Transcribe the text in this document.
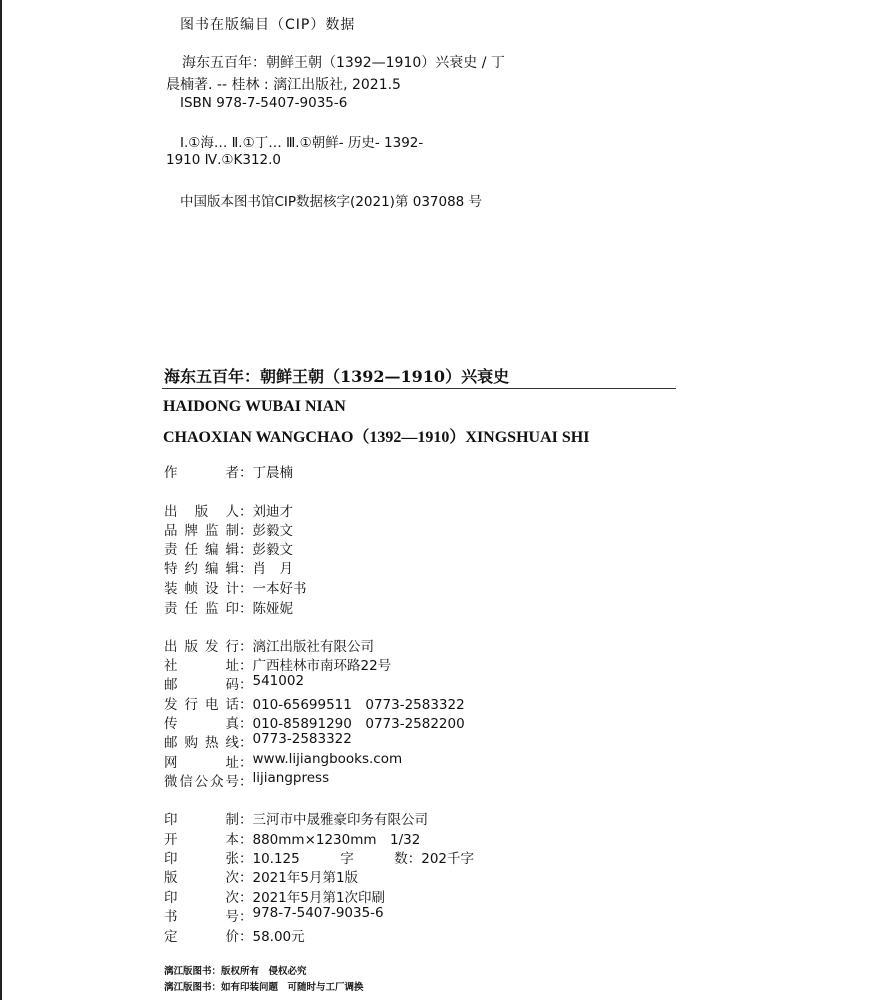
图书在版编目（CIP）数据
海东五百年：朝鲜王朝（1392—1910）兴衰史 / 丁
晨楠著. -- 桂林 : 漓江出版社, 2021.5
ISBN 978-7-5407-9035-6
Ⅰ.①海… Ⅱ.①丁… Ⅲ.①朝鲜- 历史- 1392-
1910 Ⅳ.①K312.0
中国版本图书馆CIP数据核字(2021)第 037088 号
海东五百年：朝鲜王朝（1392—1910）兴衰史
HAIDONG WUBAI NIAN
CHAOXIAN WANGCHAO（1392—1910）XINGSHUAI SHI
作　　者 ： 丁晨楠
出 版 人 ： 刘迪才
品牌监制 ： 彭毅文
责任编辑 ： 彭毅文
特约编辑 ： 肖　月
装帧设计 ： 一本好书
责任监印 ： 陈娅妮
出版发行 ： 漓江出版社有限公司
社　　址 ： 广西桂林市南环路22号
邮　　码 ： 541002
发行电话 ： 010-65699511　0773-2583322
传　　真 ： 010-85891290　0773-2582200
邮购热线 ： 0773-2583322
网　　址 ： www.lijiangbooks.com
微信公众号 ： lijiangpress
印　　制 ： 三河市中晟雅豪印务有限公司
开　　本 ： 880mm×1230mm　1/32
印　　张 ： 10.125　　　字　　　数：202千字
版　　次 ： 2021年5月第1版
印　　次 ： 2021年5月第1次印刷
书　　号 ： 978-7-5407-9035-6
定　　价 ： 58.00元
漓江版图书：版权所有　侵权必究
漓江版图书：如有印装问题　可随时与工厂调换
